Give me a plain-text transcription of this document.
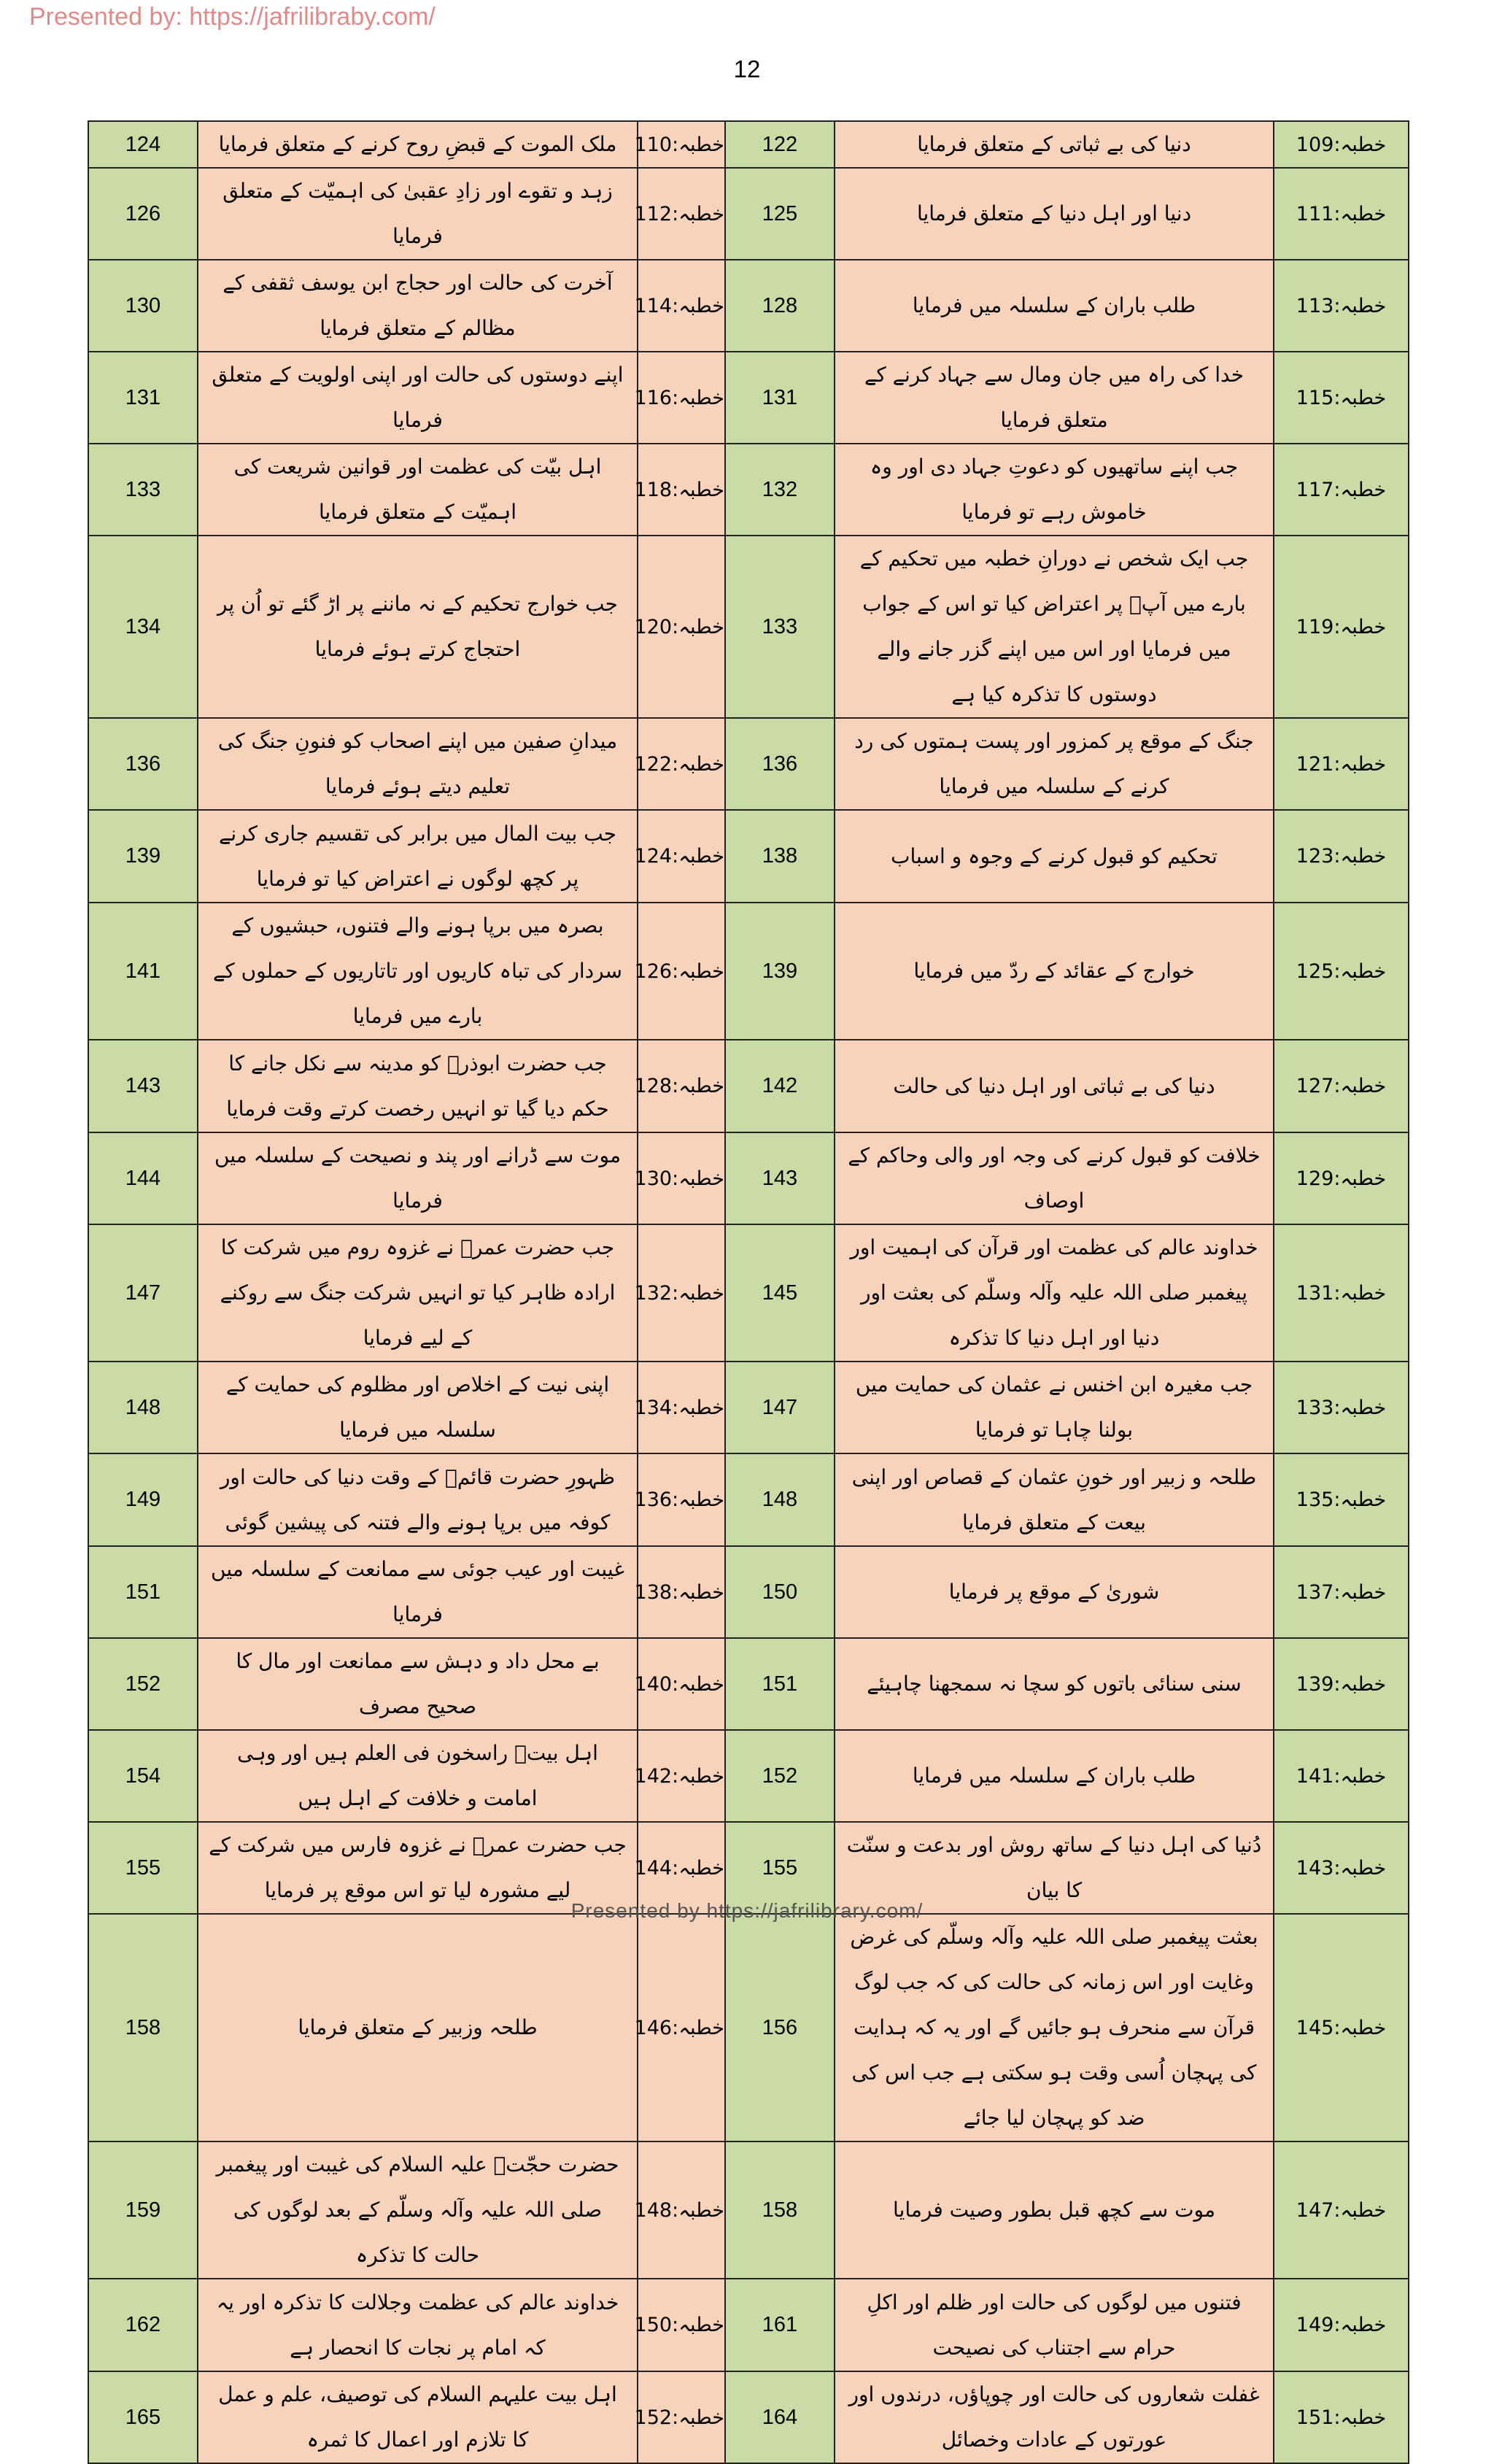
Presented by: https://jafrilibraby.com/
12
124	ملک الموت کے قبضِ روح کرنے کے متعلق فرمایا	خطبہ:110	122	دنیا کی بے ثباتی کے متعلق فرمایا	خطبہ:109
126	زہد و تقوے اور زادِ عقبیٰ کی اہمیّت کے متعلق فرمایا	خطبہ:112	125	دنیا اور اہل دنیا کے متعلق فرمایا	خطبہ:111
130	آخرت کی حالت اور حجاج ابن یوسف ثقفی کے مظالم کے متعلق فرمایا	خطبہ:114	128	طلب باران کے سلسلہ میں فرمایا	خطبہ:113
131	اپنے دوستوں کی حالت اور اپنی اولویت کے متعلق فرمایا	خطبہ:116	131	خدا کی راہ میں جان ومال سے جہاد کرنے کے متعلق فرمایا	خطبہ:115
133	اہل بیّت کی عظمت اور قوانین شریعت کی اہمیّت کے متعلق فرمایا	خطبہ:118	132	جب اپنے ساتھیوں کو دعوتِ جہاد دی اور وہ خاموش رہے تو فرمایا	خطبہ:117
134	جب خوارج تحکیم کے نہ ماننے پر اڑ گئے تو اُن پر احتجاج کرتے ہوئے فرمایا	خطبہ:120	133	جب ایک شخص نے دورانِ خطبہ میں تحکیم کے بارے میں آپؑ پر اعتراض کیا تو اس کے جواب میں فرمایا اور اس میں اپنے گزر جانے والے دوستوں کا تذکرہ کیا ہے	خطبہ:119
136	میدانِ صفین میں اپنے اصحاب کو فنونِ جنگ کی تعلیم دیتے ہوئے فرمایا	خطبہ:122	136	جنگ کے موقع پر کمزور اور پست ہمتوں کی رد کرنے کے سلسلہ میں فرمایا	خطبہ:121
139	جب بیت المال میں برابر کی تقسیم جاری کرنے پر کچھ لوگوں نے اعتراض کیا تو فرمایا	خطبہ:124	138	تحکیم کو قبول کرنے کے وجوہ و اسباب	خطبہ:123
141	بصرہ میں برپا ہونے والے فتنوں، حبشیوں کے سردار کی تباہ کاریوں اور تاتاریوں کے حملوں کے بارے میں فرمایا	خطبہ:126	139	خوارج کے عقائد کے ردّ میں فرمایا	خطبہ:125
143	جب حضرت ابوذرؓ کو مدینہ سے نکل جانے کا حکم دیا گیا تو انہیں رخصت کرتے وقت فرمایا	خطبہ:128	142	دنیا کی بے ثباتی اور اہل دنیا کی حالت	خطبہ:127
144	موت سے ڈرانے اور پند و نصیحت کے سلسلہ میں فرمایا	خطبہ:130	143	خلافت کو قبول کرنے کی وجہ اور والی وحاکم کے اوصاف	خطبہ:129
147	جب حضرت عمرؓ نے غزوہ روم میں شرکت کا ارادہ ظاہر کیا تو انہیں شرکت جنگ سے روکنے کے لیے فرمایا	خطبہ:132	145	خداوند عالم کی عظمت اور قرآن کی اہمیت اور پیغمبر صلی اللہ علیہ وآلہ وسلّم کی بعثت اور دنیا اور اہل دنیا کا تذکرہ	خطبہ:131
148	اپنی نیت کے اخلاص اور مظلوم کی حمایت کے سلسلہ میں فرمایا	خطبہ:134	147	جب مغیرہ ابن اخنس نے عثمان کی حمایت میں بولنا چاہا تو فرمایا	خطبہ:133
149	ظہورِ حضرت قائمؑ کے وقت دنیا کی حالت اور کوفہ میں برپا ہونے والے فتنہ کی پیشین گوئی	خطبہ:136	148	طلحہ و زبیر اور خونِ عثمان کے قصاص اور اپنی بیعت کے متعلق فرمایا	خطبہ:135
151	غیبت اور عیب جوئی سے ممانعت کے سلسلہ میں فرمایا	خطبہ:138	150	شوریٰ کے موقع پر فرمایا	خطبہ:137
152	بے محل داد و دہش سے ممانعت اور مال کا صحیح مصرف	خطبہ:140	151	سنی سنائی باتوں کو سچا نہ سمجھنا چاہیئے	خطبہ:139
154	اہل بیتؑ راسخون فی العلم ہیں اور وہی امامت و خلافت کے اہل ہیں	خطبہ:142	152	طلب باران کے سلسلہ میں فرمایا	خطبہ:141
155	جب حضرت عمرؓ نے غزوہ فارس میں شرکت کے لیے مشورہ لیا تو اس موقع پر فرمایا	خطبہ:144	155	دُنیا کی اہل دنیا کے ساتھ روش اور بدعت و سنّت کا بیان	خطبہ:143
158	طلحہ وزبیر کے متعلق فرمایا	خطبہ:146	156	بعثت پیغمبر صلی اللہ علیہ وآلہ وسلّم کی غرض وغایت اور اس زمانہ کی حالت کی کہ جب لوگ قرآن سے منحرف ہو جائیں گے اور یہ کہ ہدایت کی پہچان اُسی وقت ہو سکتی ہے جب اس کی ضد کو پہچان لیا جائے	خطبہ:145
159	حضرت حجّتؑ علیہ السلام کی غیبت اور پیغمبر صلی اللہ علیہ وآلہ وسلّم کے بعد لوگوں کی حالت کا تذکرہ	خطبہ:148	158	موت سے کچھ قبل بطور وصیت فرمایا	خطبہ:147
162	خداوند عالم کی عظمت وجلالت کا تذکرہ اور یہ کہ امام پر نجات کا انحصار ہے	خطبہ:150	161	فتنوں میں لوگوں کی حالت اور ظلم اور اکلِ حرام سے اجتناب کی نصیحت	خطبہ:149
165	اہل بیت علیہم السلام کی توصیف، علم و عمل کا تلازم اور اعمال کا ثمرہ	خطبہ:152	164	غفلت شعاروں کی حالت اور چوپاؤں، درندوں اور عورتوں کے عادات وخصائل	خطبہ:151
Presented by https://jafrilibrary.com/
